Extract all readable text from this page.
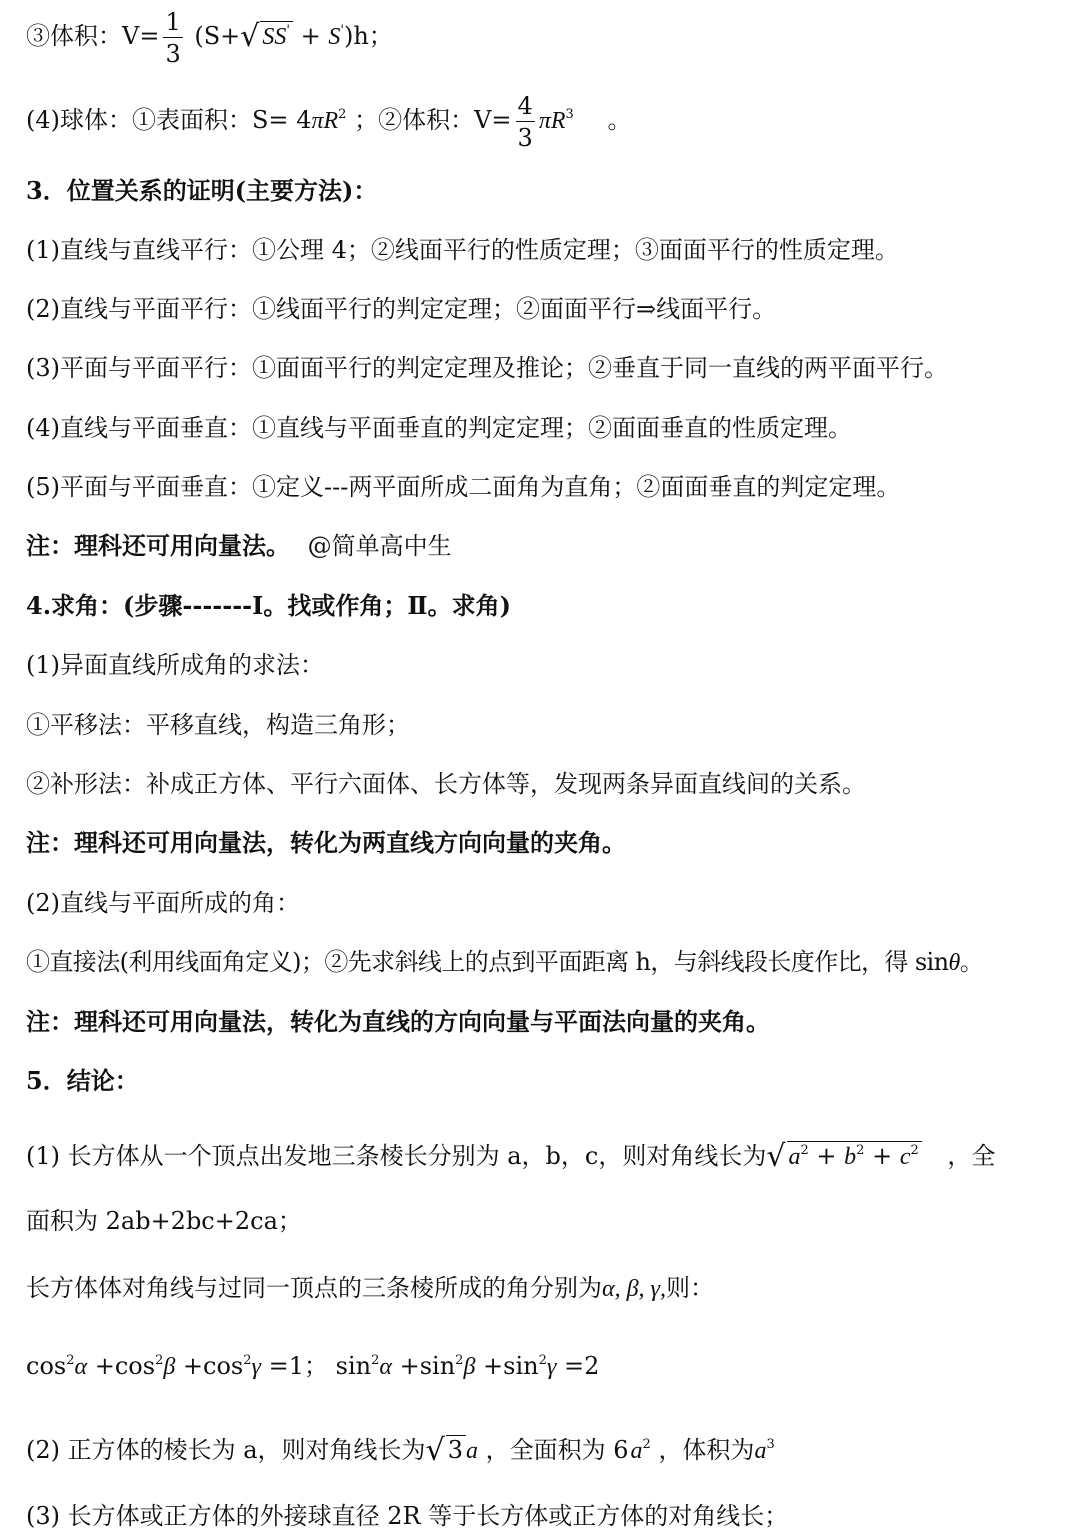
③体积：$V= \frac{1}{3} (S+√$ SS' + S')h；
(4)球体：①表面积：$S= 4\pi R^2$ ；②体积：$V= \frac{4}{3} \pi R^3$ 。
3．位置关系的证明(主要方法)：
(1)直线与直线平行：①公理 4；②线面平行的性质定理；③面面平行的性质定理。
(2)直线与平面平行：①线面平行的判定定理；②面面平行⇒线面平行。
(3)平面与平面平行：①面面平行的判定定理及推论；②垂直于同一直线的两平面平行。
(4)直线与平面垂直：①直线与平面垂直的判定定理；②面面垂直的性质定理。
(5)平面与平面垂直：①定义---两平面所成二面角为直角；②面面垂直的判定定理。
注：理科还可用向量法。 @简单高中生
4.求角：(步骤-------Ⅰ。找或作角；Ⅱ。求角)
(1)异面直线所成角的求法：
①平移法：平移直线，构造三角形；
②补形法：补成正方体、平行六面体、长方体等，发现两条异面直线间的关系。
注：理科还可用向量法，转化为两直线方向向量的夹角。
(2)直线与平面所成的角：
①直接法(利用线面角定义)；②先求斜线上的点到平面距离 h，与斜线段长度作比，得 sinθ。
注：理科还可用向量法，转化为直线的方向向量与平面法向量的夹角。
5．结论：
(1) 长方体从一个顶点出发地三条棱长分别为 a，b，c，则对角线长为√ $a^2 + b^2 + c^2$ ，全
面积为 2ab+2bc+2ca；
长方体体对角线与过同一顶点的三条棱所成的角分别为α, β, γ,则：
$\cos^2\alpha +\cos^2\beta +\cos^2\gamma =1$； $\sin^2\alpha +\sin^2\beta +\sin^2\gamma =2$
(2) 正方体的棱长为 a，则对角线长为√ 3 a ，全面积为 $6a^2$ ，体积为$a^3$
(3) 长方体或正方体的外接球直径 2R 等于长方体或正方体的对角线长；
